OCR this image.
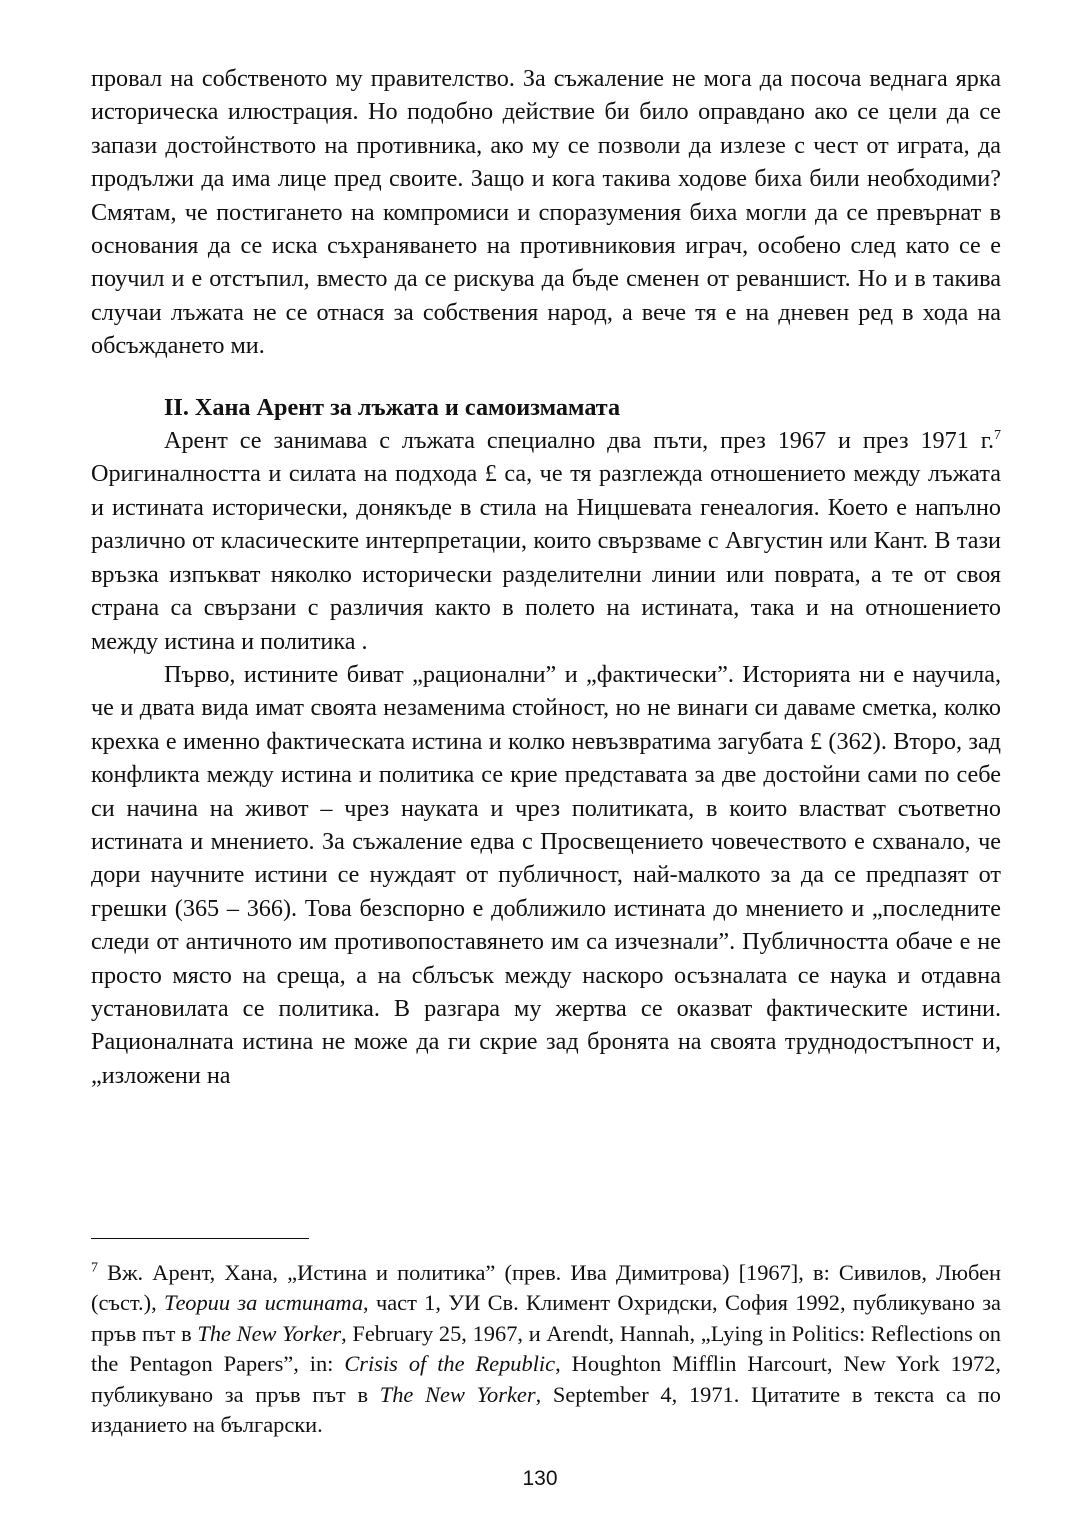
провал на собственото му правителство. За съжаление не мога да посоча веднага ярка историческа илюстрация. Но подобно действие би било оправдано ако се цели да се запази достойнството на противника, ако му се позволи да излезе с чест от играта, да продължи да има лице пред своите. Защо и кога такива ходове биха били необходими? Смятам, че постигането на компромиси и споразумения биха могли да се превърнат в основания да се иска съхраняването на противниковия играч, особено след като се е поучил и е отстъпил, вместо да се рискува да бъде сменен от реваншист. Но и в такива случаи лъжата не се отнася за собствения народ, а вече тя е на дневен ред в хода на обсъждането ми.

II. Хана Арент за лъжата и самоизмамата

Арент се занимава с лъжата специално два пъти, през 1967 и през 1971 г.$^7$ Оригиналността и силата на подхода £ са, че тя разглежда отношението между лъжата и истината исторически, донякъде в стила на Ницшевата генеалогия. Което е напълно различно от класическите интерпретации, които свързваме с Августин или Кант. В тази връзка изпъкват няколко исторически разделителни линии или поврата, а те от своя страна са свързани с различия както в полето на истината, така и на отношението между истина и политика .

Първо, истините биват „рационални” и „фактически”. Историята ни е научила, че и двата вида имат своята незаменима стойност, но не винаги си даваме сметка, колко крехка е именно фактическата истина и колко невъзвратима загубата £ (362). Второ, зад конфликта между истина и политика се крие представата за две достойни сами по себе си начина на живот – чрез науката и чрез политиката, в които властват съответно истината и мнението. За съжаление едва с Просвещението човечеството е схванало, че дори научните истини се нуждаят от публичност, най-малкото за да се предпазят от грешки (365 – 366). Това безспорно е доближило истината до мнението и „последните следи от античното им противопоставянето им са изчезнали”. Публичността обаче е не просто място на среща, а на сблъсък между наскоро осъзналата се наука и отдавна установилата се политика. В разгара му жертва се оказват фактическите истини. Рационалната истина не може да ги скрие зад бронята на своята труднодостъпност и, „изложени на

$^7$ Вж. Арент, Хана, „Истина и политика” (прев. Ива Димитрова) [1967], в: Сивилов, Любен (съст.), Теории за истината, част 1, УИ Св. Климент Охридски, София 1992, публикувано за пръв път в The New Yorker, February 25, 1967, и Arendt, Hannah, „Lying in Politics: Reflections on the Pentagon Papers”, in: Crisis of the Republic, Houghton Mifflin Harcourt, New York 1972, публикувано за пръв път в The New Yorker, September 4, 1971. Цитатите в текста са по изданието на български.

130
